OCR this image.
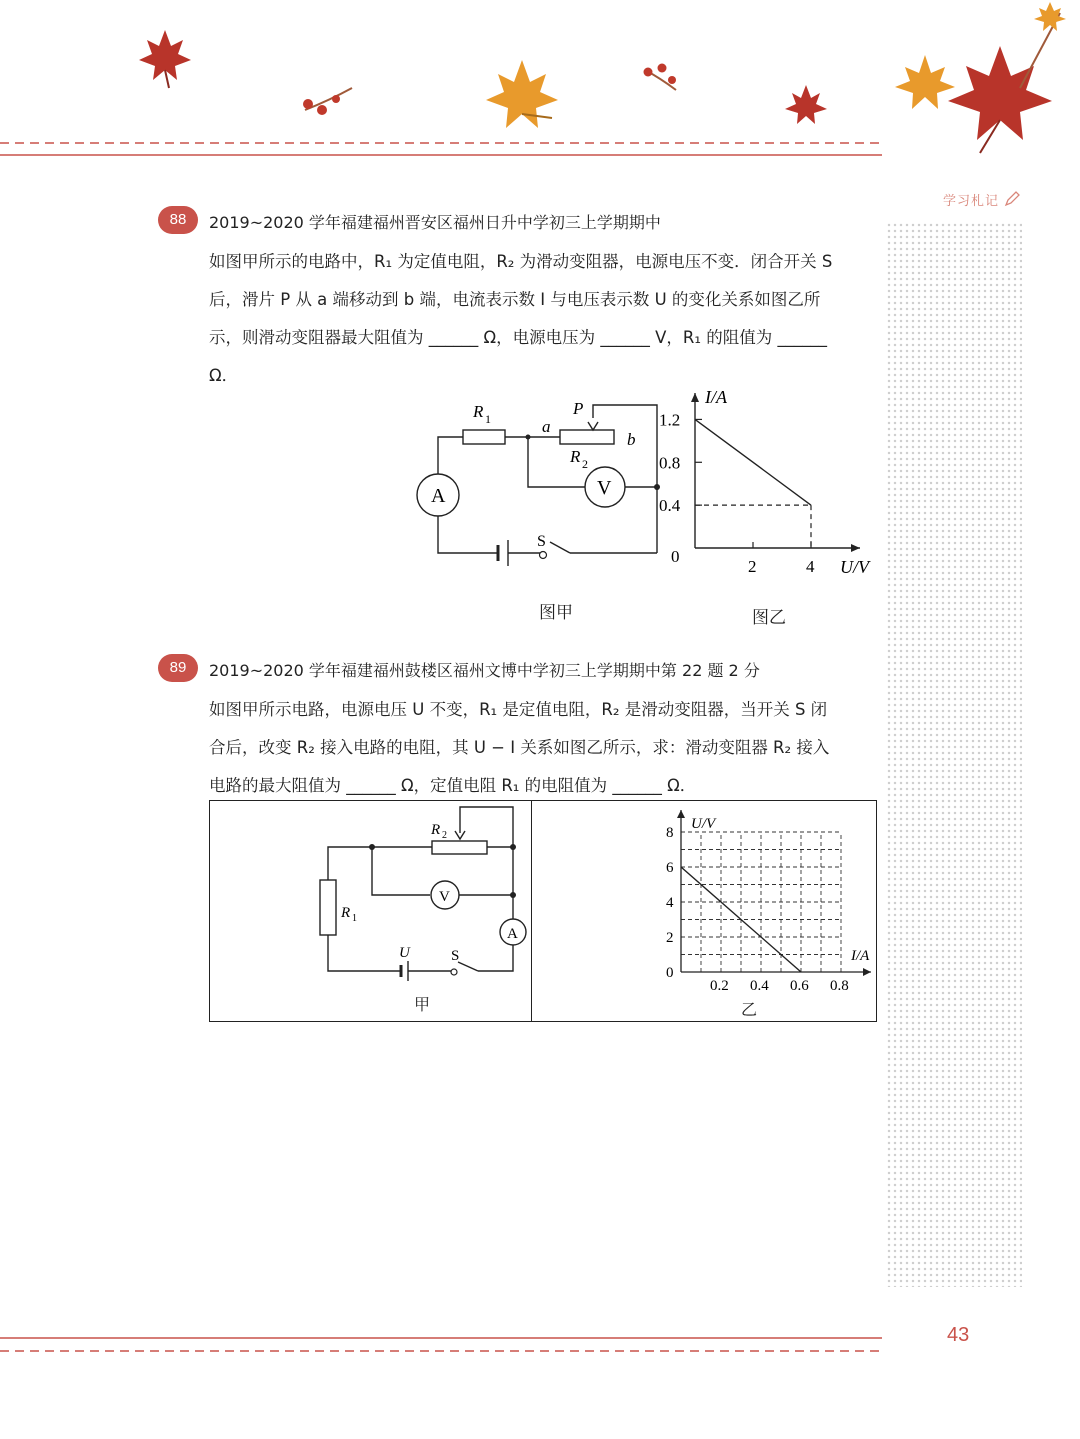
学习札记
88	2019~2020 学年福建福州晋安区福州日升中学初三上学期期中
如图甲所示的电路中，R₁ 为定值电阻，R₂ 为滑动变阻器，电源电压不变．闭合开关 S
后，滑片 P 从 a 端移动到 b 端，电流表示数 I 与电压表示数 U 的变化关系如图乙所
示，则滑动变阻器最大阻值为 ______ Ω，电源电压为 ______ V，R₁ 的阻值为 ______
Ω．
A	V
R 1
R 2
P
a
b
S
图甲
I/A
U/V
0
0.4
0.8
1.2
2	4
图乙
89	2019~2020 学年福建福州鼓楼区福州文博中学初三上学期期中第 22 题 2 分
如图甲所示电路，电源电压 U 不变，R₁ 是定值电阻，R₂ 是滑动变阻器，当开关 S 闭
合后，改变 R₂ 接入电路的电阻，其 U − I 关系如图乙所示，求：滑动变阻器 R₂ 接入
电路的最大阻值为 ______ Ω，定值电阻 R₁ 的电阻值为 ______ Ω．
V
A
R 1
R 2
U	S
甲
U/V
I/A
0
2
4
6
8
0.2 0.4 0.6 0.8
乙
43
